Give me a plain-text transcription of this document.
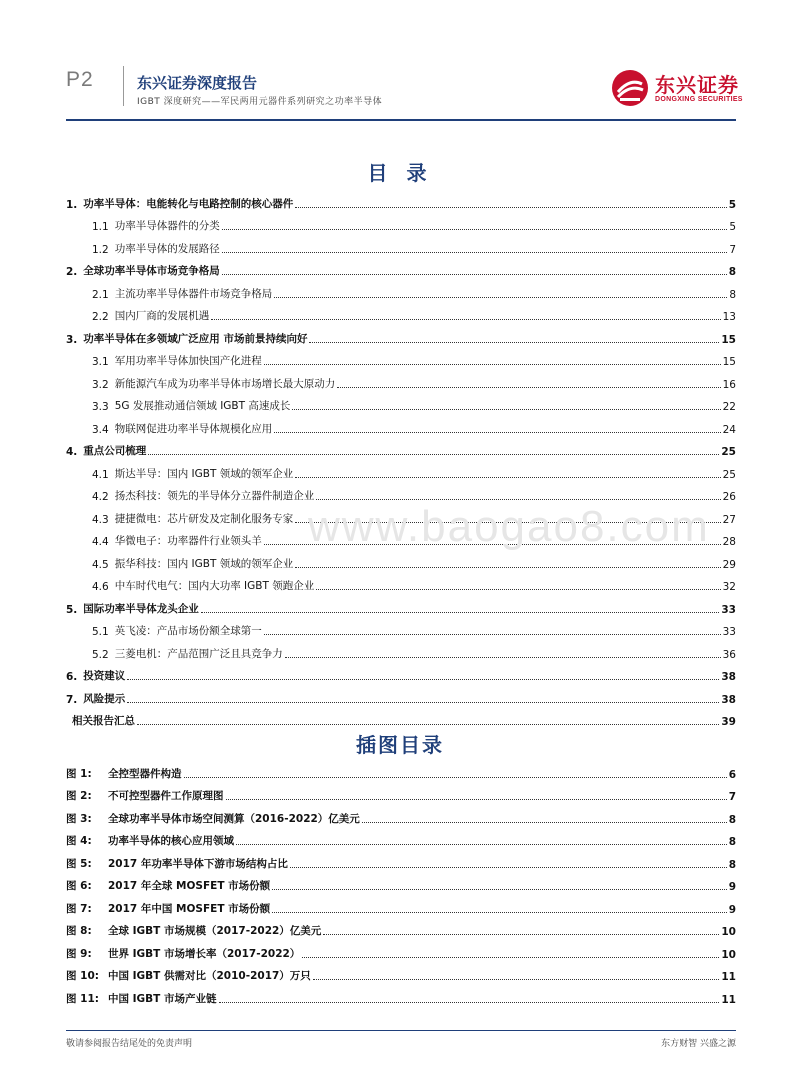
P2	东兴证券深度报告
IGBT 深度研究——军民两用元器件系列研究之功率半导体
东兴证券
DONGXING SECURITIES
目 录
1. 功率半导体：电能转化与电路控制的核心器件	5
1.1 功率半导体器件的分类	5
1.2 功率半导体的发展路径	7
2. 全球功率半导体市场竞争格局	8
2.1 主流功率半导体器件市场竞争格局	8
2.2 国内厂商的发展机遇	13
3. 功率半导体在多领域广泛应用 市场前景持续向好	15
3.1 军用功率半导体加快国产化进程	15
3.2 新能源汽车成为功率半导体市场增长最大原动力	16
3.3 5G 发展推动通信领域 IGBT 高速成长	22
3.4 物联网促进功率半导体规模化应用	24
4. 重点公司梳理	25
4.1 斯达半导：国内 IGBT 领域的领军企业	25
4.2 扬杰科技：领先的半导体分立器件制造企业	26
4.3 捷捷微电：芯片研发及定制化服务专家	27
4.4 华微电子：功率器件行业领头羊	28
4.5 振华科技：国内 IGBT 领域的领军企业	29
4.6 中车时代电气：国内大功率 IGBT 领跑企业	32
5. 国际功率半导体龙头企业	33
5.1 英飞凌：产品市场份额全球第一	33
5.2 三菱电机：产品范围广泛且具竞争力	36
6. 投资建议	38
7. 风险提示	38
相关报告汇总	39
插图目录
图 1:	全控型器件构造	6
图 2:	不可控型器件工作原理图	7
图 3:	全球功率半导体市场空间测算（2016-2022）亿美元	8
图 4:	功率半导体的核心应用领域	8
图 5:	2017 年功率半导体下游市场结构占比	8
图 6:	2017 年全球 MOSFET 市场份额	9
图 7:	2017 年中国 MOSFET 市场份额	9
图 8:	全球 IGBT 市场规模（2017-2022）亿美元	10
图 9:	世界 IGBT 市场增长率（2017-2022）	10
图 10: 中国 IGBT 供需对比（2010-2017）万只	11
图 11: 中国 IGBT 市场产业链	11
www.baogao8.com
敬请参阅报告结尾处的免责声明	东方财智 兴盛之源
